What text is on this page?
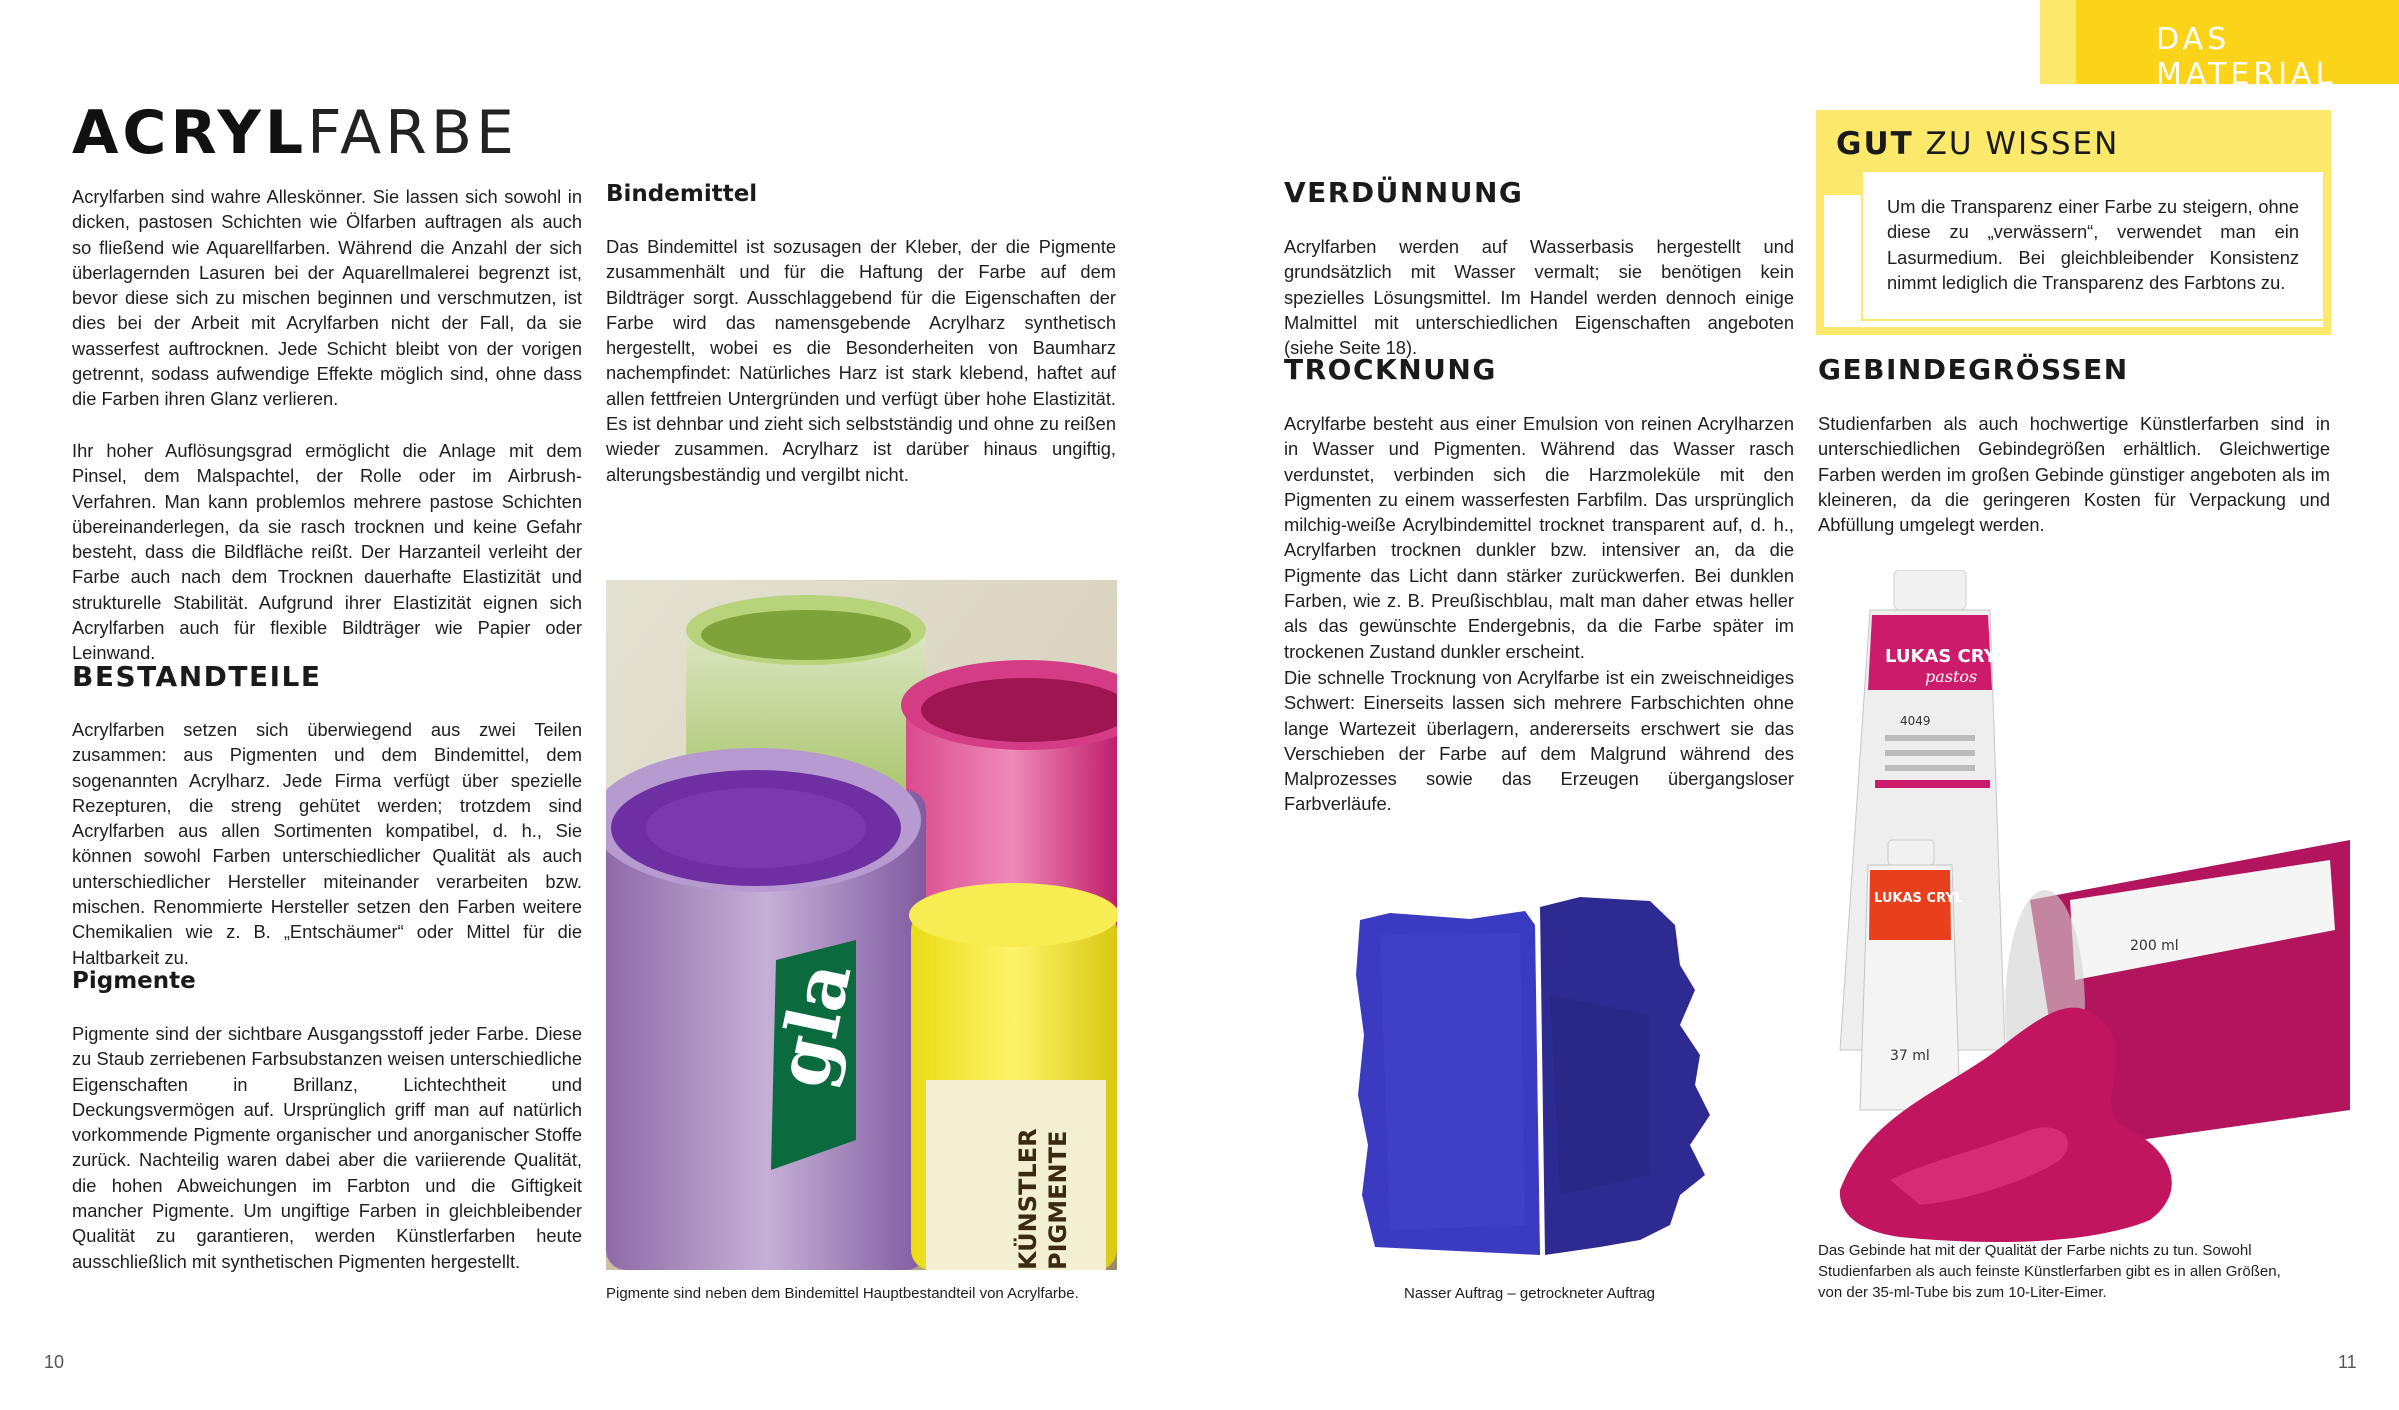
DAS MATERIAL
ACRYLFARBE

Acrylfarben sind wahre Alleskönner. Sie lassen sich sowohl in dicken, pastosen Schichten wie Ölfarben auftragen als auch so fließend wie Aquarellfarben. Während die Anzahl der sich überlagernden Lasuren bei der Aquarellmalerei begrenzt ist, bevor diese sich zu mischen beginnen und verschmutzen, ist dies bei der Arbeit mit Acrylfarben nicht der Fall, da sie wasserfest auftrocknen. Jede Schicht bleibt von der vorigen getrennt, sodass aufwendige Effekte möglich sind, ohne dass die Farben ihren Glanz verlieren.

Ihr hoher Auflösungsgrad ermöglicht die Anlage mit dem Pinsel, dem Malspachtel, der Rolle oder im Airbrush-Verfahren. Man kann problemlos mehrere pastose Schichten übereinanderlegen, da sie rasch trocknen und keine Gefahr besteht, dass die Bildfläche reißt. Der Harzanteil verleiht der Farbe auch nach dem Trocknen dauerhafte Elastizität und strukturelle Stabilität. Aufgrund ihrer Elastizität eignen sich Acrylfarben auch für flexible Bildträger wie Papier oder Leinwand.

BESTANDTEILE

Acrylfarben setzen sich überwiegend aus zwei Teilen zusammen: aus Pigmenten und dem Bindemittel, dem sogenannten Acrylharz. Jede Firma verfügt über spezielle Rezepturen, die streng gehütet werden; trotzdem sind Acrylfarben aus allen Sortimenten kompatibel, d. h., Sie können sowohl Farben unterschiedlicher Qualität als auch unterschiedlicher Hersteller miteinander verarbeiten bzw. mischen. Renommierte Hersteller setzen den Farben weitere Chemikalien wie z. B. „Entschäumer“ oder Mittel für die Haltbarkeit zu.

Pigmente

Pigmente sind der sichtbare Ausgangsstoff jeder Farbe. Diese zu Staub zerriebenen Farbsubstanzen weisen unterschiedliche Eigenschaften in Brillanz, Lichtechtheit und Deckungsvermögen auf. Ursprünglich griff man auf natürlich vorkommende Pigmente organischer und anorganischer Stoffe zurück. Nachteilig waren dabei aber die variierende Qualität, die hohen Abweichungen im Farbton und die Giftigkeit mancher Pigmente. Um ungiftige Farben in gleichbleibender Qualität zu garantieren, werden Künstlerfarben heute ausschließlich mit synthetischen Pigmenten hergestellt.

Bindemittel

Das Bindemittel ist sozusagen der Kleber, der die Pigmente zusammenhält und für die Haftung der Farbe auf dem Bildträger sorgt. Ausschlaggebend für die Eigenschaften der Farbe wird das namensgebende Acrylharz synthetisch hergestellt, wobei es die Besonderheiten von Baumharz nachempfindet: Natürliches Harz ist stark klebend, haftet auf allen fettfreien Untergründen und verfügt über hohe Elastizität. Es ist dehnbar und zieht sich selbstständig und ohne zu reißen wieder zusammen. Acrylharz ist darüber hinaus ungiftig, alterungsbeständig und vergilbt nicht.

gla
KÜNSTLER PIGMENTE

Pigmente sind neben dem Bindemittel Hauptbestandteil von Acrylfarbe.

VERDÜNNUNG

Acrylfarben werden auf Wasserbasis hergestellt und grundsätzlich mit Wasser vermalt; sie benötigen kein spezielles Lösungsmittel. Im Handel werden dennoch einige Malmittel mit unterschiedlichen Eigenschaften angeboten (siehe Seite 18).

TROCKNUNG

Acrylfarbe besteht aus einer Emulsion von reinen Acrylharzen in Wasser und Pigmenten. Während das Wasser rasch verdunstet, verbinden sich die Harzmoleküle mit den Pigmenten zu einem wasserfesten Farbfilm. Das ursprünglich milchig-weiße Acrylbindemittel trocknet transparent auf, d. h., Acrylfarben trocknen dunkler bzw. intensiver an, da die Pigmente das Licht dann stärker zurückwerfen. Bei dunklen Farben, wie z. B. Preußischblau, malt man daher etwas heller als das gewünschte Endergebnis, da die Farbe später im trockenen Zustand dunkler erscheint.

Die schnelle Trocknung von Acrylfarbe ist ein zweischneidiges Schwert: Einerseits lassen sich mehrere Farbschichten ohne lange Wartezeit überlagern, andererseits erschwert sie das Verschieben der Farbe auf dem Malgrund während des Malprozesses sowie das Erzeugen übergangsloser Farbverläufe.

Nasser Auftrag – getrockneter Auftrag

GUT ZU WISSEN

Um die Transparenz einer Farbe zu steigern, ohne diese zu „verwässern“, verwendet man ein Lasurmedium. Bei gleichbleibender Konsistenz nimmt lediglich die Transparenz des Farbtons zu.

GEBINDEGRÖSSEN

Studienfarben als auch hochwertige Künstlerfarben sind in unterschiedlichen Gebindegrößen erhältlich. Gleichwertige Farben werden im großen Gebinde günstiger angeboten als im kleineren, da die geringeren Kosten für Verpackung und Abfüllung umgelegt werden.

LUKAS CRYL
pastos
4049
LUKAS CRYL
37 ml
200 ml

Das Gebinde hat mit der Qualität der Farbe nichts zu tun. Sowohl Studienfarben als auch feinste Künstlerfarben gibt es in allen Größen, von der 35-ml-Tube bis zum 10-Liter-Eimer.

10	11
